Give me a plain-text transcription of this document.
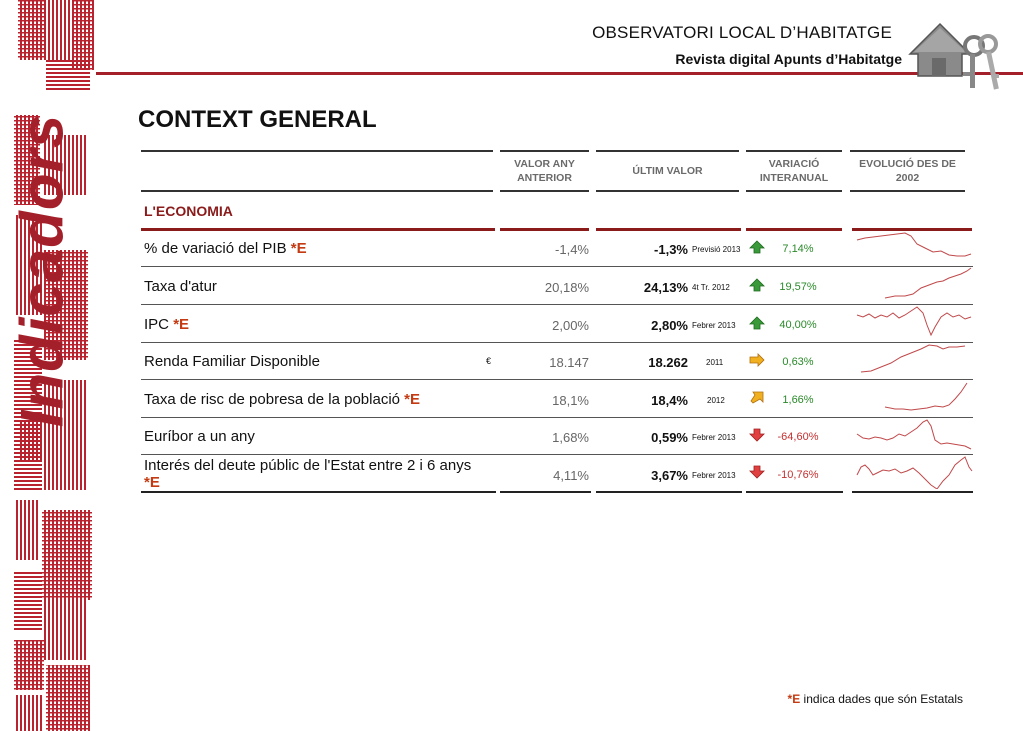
Indicadors
OBSERVATORI LOCAL D’HABITATGE
Revista digital Apunts d’Habitatge
CONTEXT GENERAL
VALOR ANY
ANTERIOR
ÚLTIM VALOR
VARIACIÓ
INTERANUAL
EVOLUCIÓ DES DE
2002
L'ECONOMIA
% de variació del PIB *E	-1,4%	-1,3% Previsió 2013	7,14%
Taxa d'atur	20,18%	24,13% 4t Tr. 2012	19,57%
IPC *E	2,00%	2,80% Febrer 2013	40,00%
Renda Familiar Disponible	€	18.147	18.262 2011	0,63%
Taxa de risc de pobresa de la població *E	18,1%	18,4% 2012	1,66%
Euríbor a un any	1,68%	0,59% Febrer 2013	-64,60%
Interés del deute públic de l'Estat entre 2 i 6 anys *E	4,11%	3,67% Febrer 2013	-10,76%
*E indica dades que són Estatals
